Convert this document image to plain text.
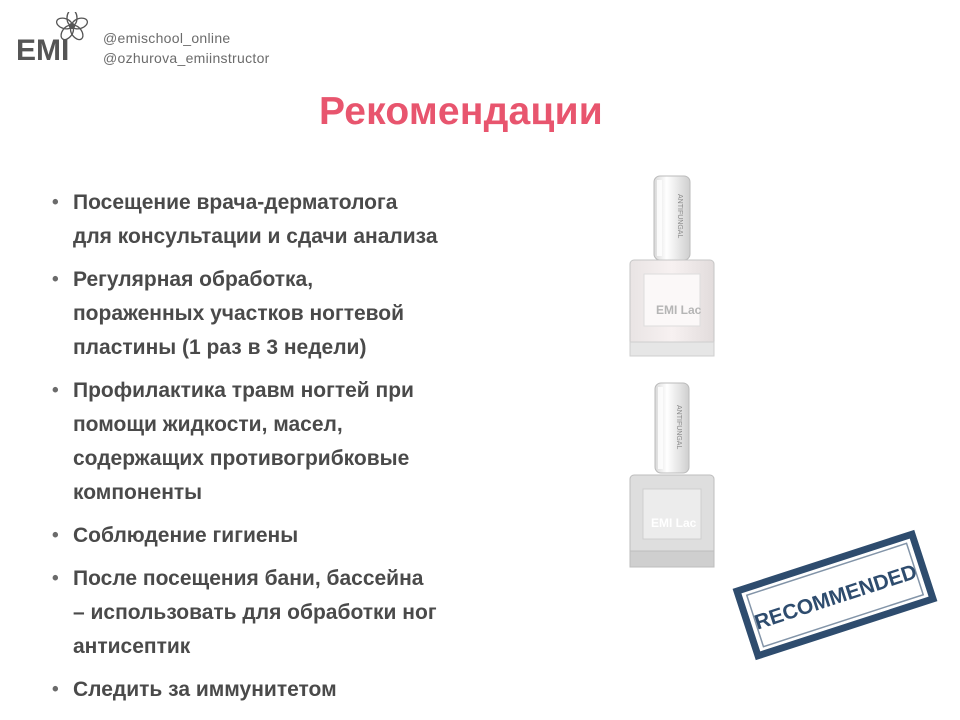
EMI @emischool_online
@ozhurova_emiinstructor
Рекомендации
• Посещение врача-дерматолога
для консультации и сдачи анализа
• Регулярная обработка,
пораженных участков ногтевой
пластины (1 раз в 3 недели)
• Профилактика травм ногтей при
помощи жидкости, масел,
содержащих противогрибковые
компоненты
• Соблюдение гигиены
• После посещения бани, бассейна
– использовать для обработки ног
антисептик
• Следить за иммунитетом
ANTIFUNGAL
EMI Lac
ANTIFUNGAL
EMI Lac
RECOMMENDED
